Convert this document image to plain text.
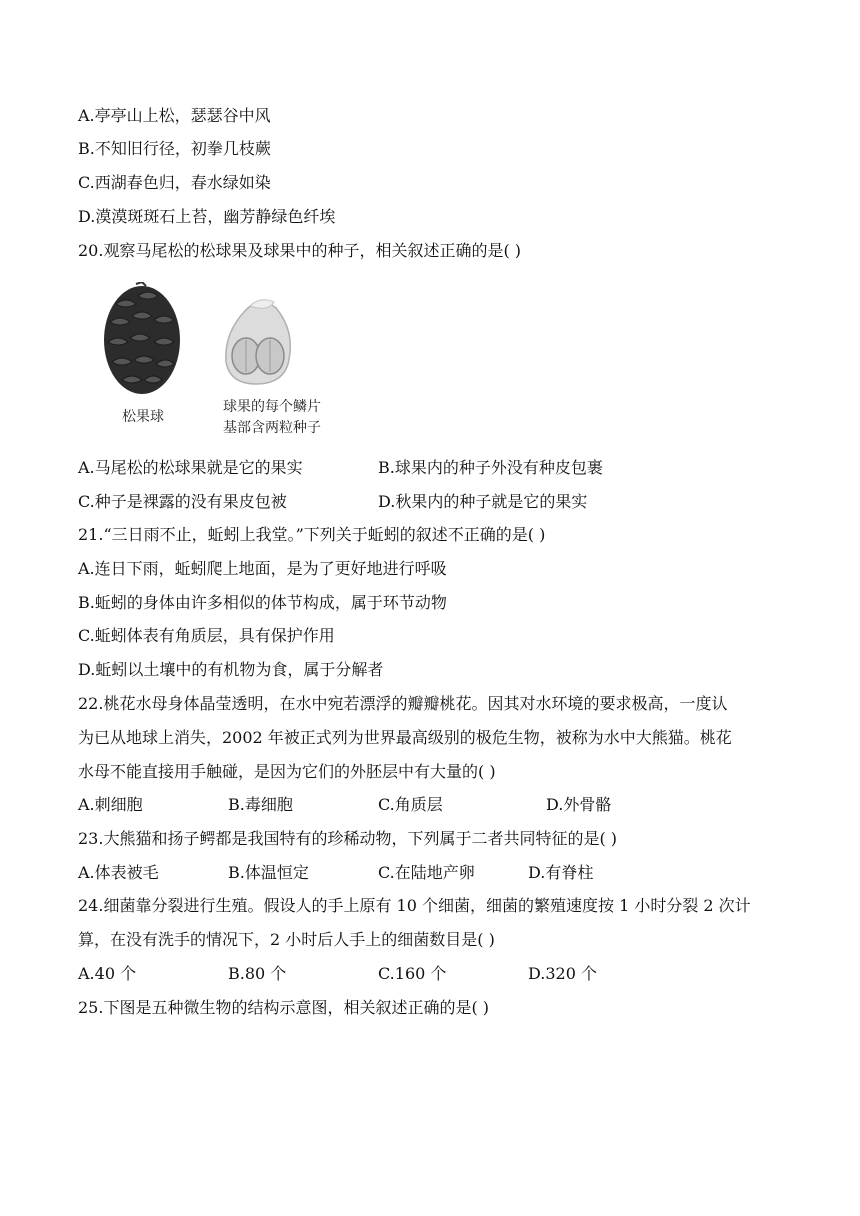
A.亭亭山上松，瑟瑟谷中风
B.不知旧行径，初拳几枝蕨
C.西湖春色归，春水绿如染
D.漠漠斑斑石上苔，幽芳静绿色纤埃
20.观察马尾松的松球果及球果中的种子，相关叙述正确的是( )
松果球
球果的每个鳞片
基部含两粒种子
A.马尾松的松球果就是它的果实	B.球果内的种子外没有种皮包裹
C.种子是裸露的没有果皮包被	D.秋果内的种子就是它的果实
21.“三日雨不止，蚯蚓上我堂。”下列关于蚯蚓的叙述不正确的是( )
A.连日下雨，蚯蚓爬上地面，是为了更好地进行呼吸
B.蚯蚓的身体由许多相似的体节构成，属于环节动物
C.蚯蚓体表有角质层，具有保护作用
D.蚯蚓以土壤中的有机物为食，属于分解者
22.桃花水母身体晶莹透明，在水中宛若漂浮的瓣瓣桃花。因其对水环境的要求极高，一度认
为已从地球上消失，2002 年被正式列为世界最高级别的极危生物，被称为水中大熊猫。桃花
水母不能直接用手触碰，是因为它们的外胚层中有大量的( )
A.刺细胞	B.毒细胞	C.角质层	D.外骨骼
23.大熊猫和扬子鳄都是我国特有的珍稀动物，下列属于二者共同特征的是( )
A.体表被毛	B.体温恒定	C.在陆地产卵	D.有脊柱
24.细菌靠分裂进行生殖。假设人的手上原有 10 个细菌，细菌的繁殖速度按 1 小时分裂 2 次计
算，在没有洗手的情况下，2 小时后人手上的细菌数目是( )
A.40 个	B.80 个	C.160 个	D.320 个
25.下图是五种微生物的结构示意图，相关叙述正确的是( )
